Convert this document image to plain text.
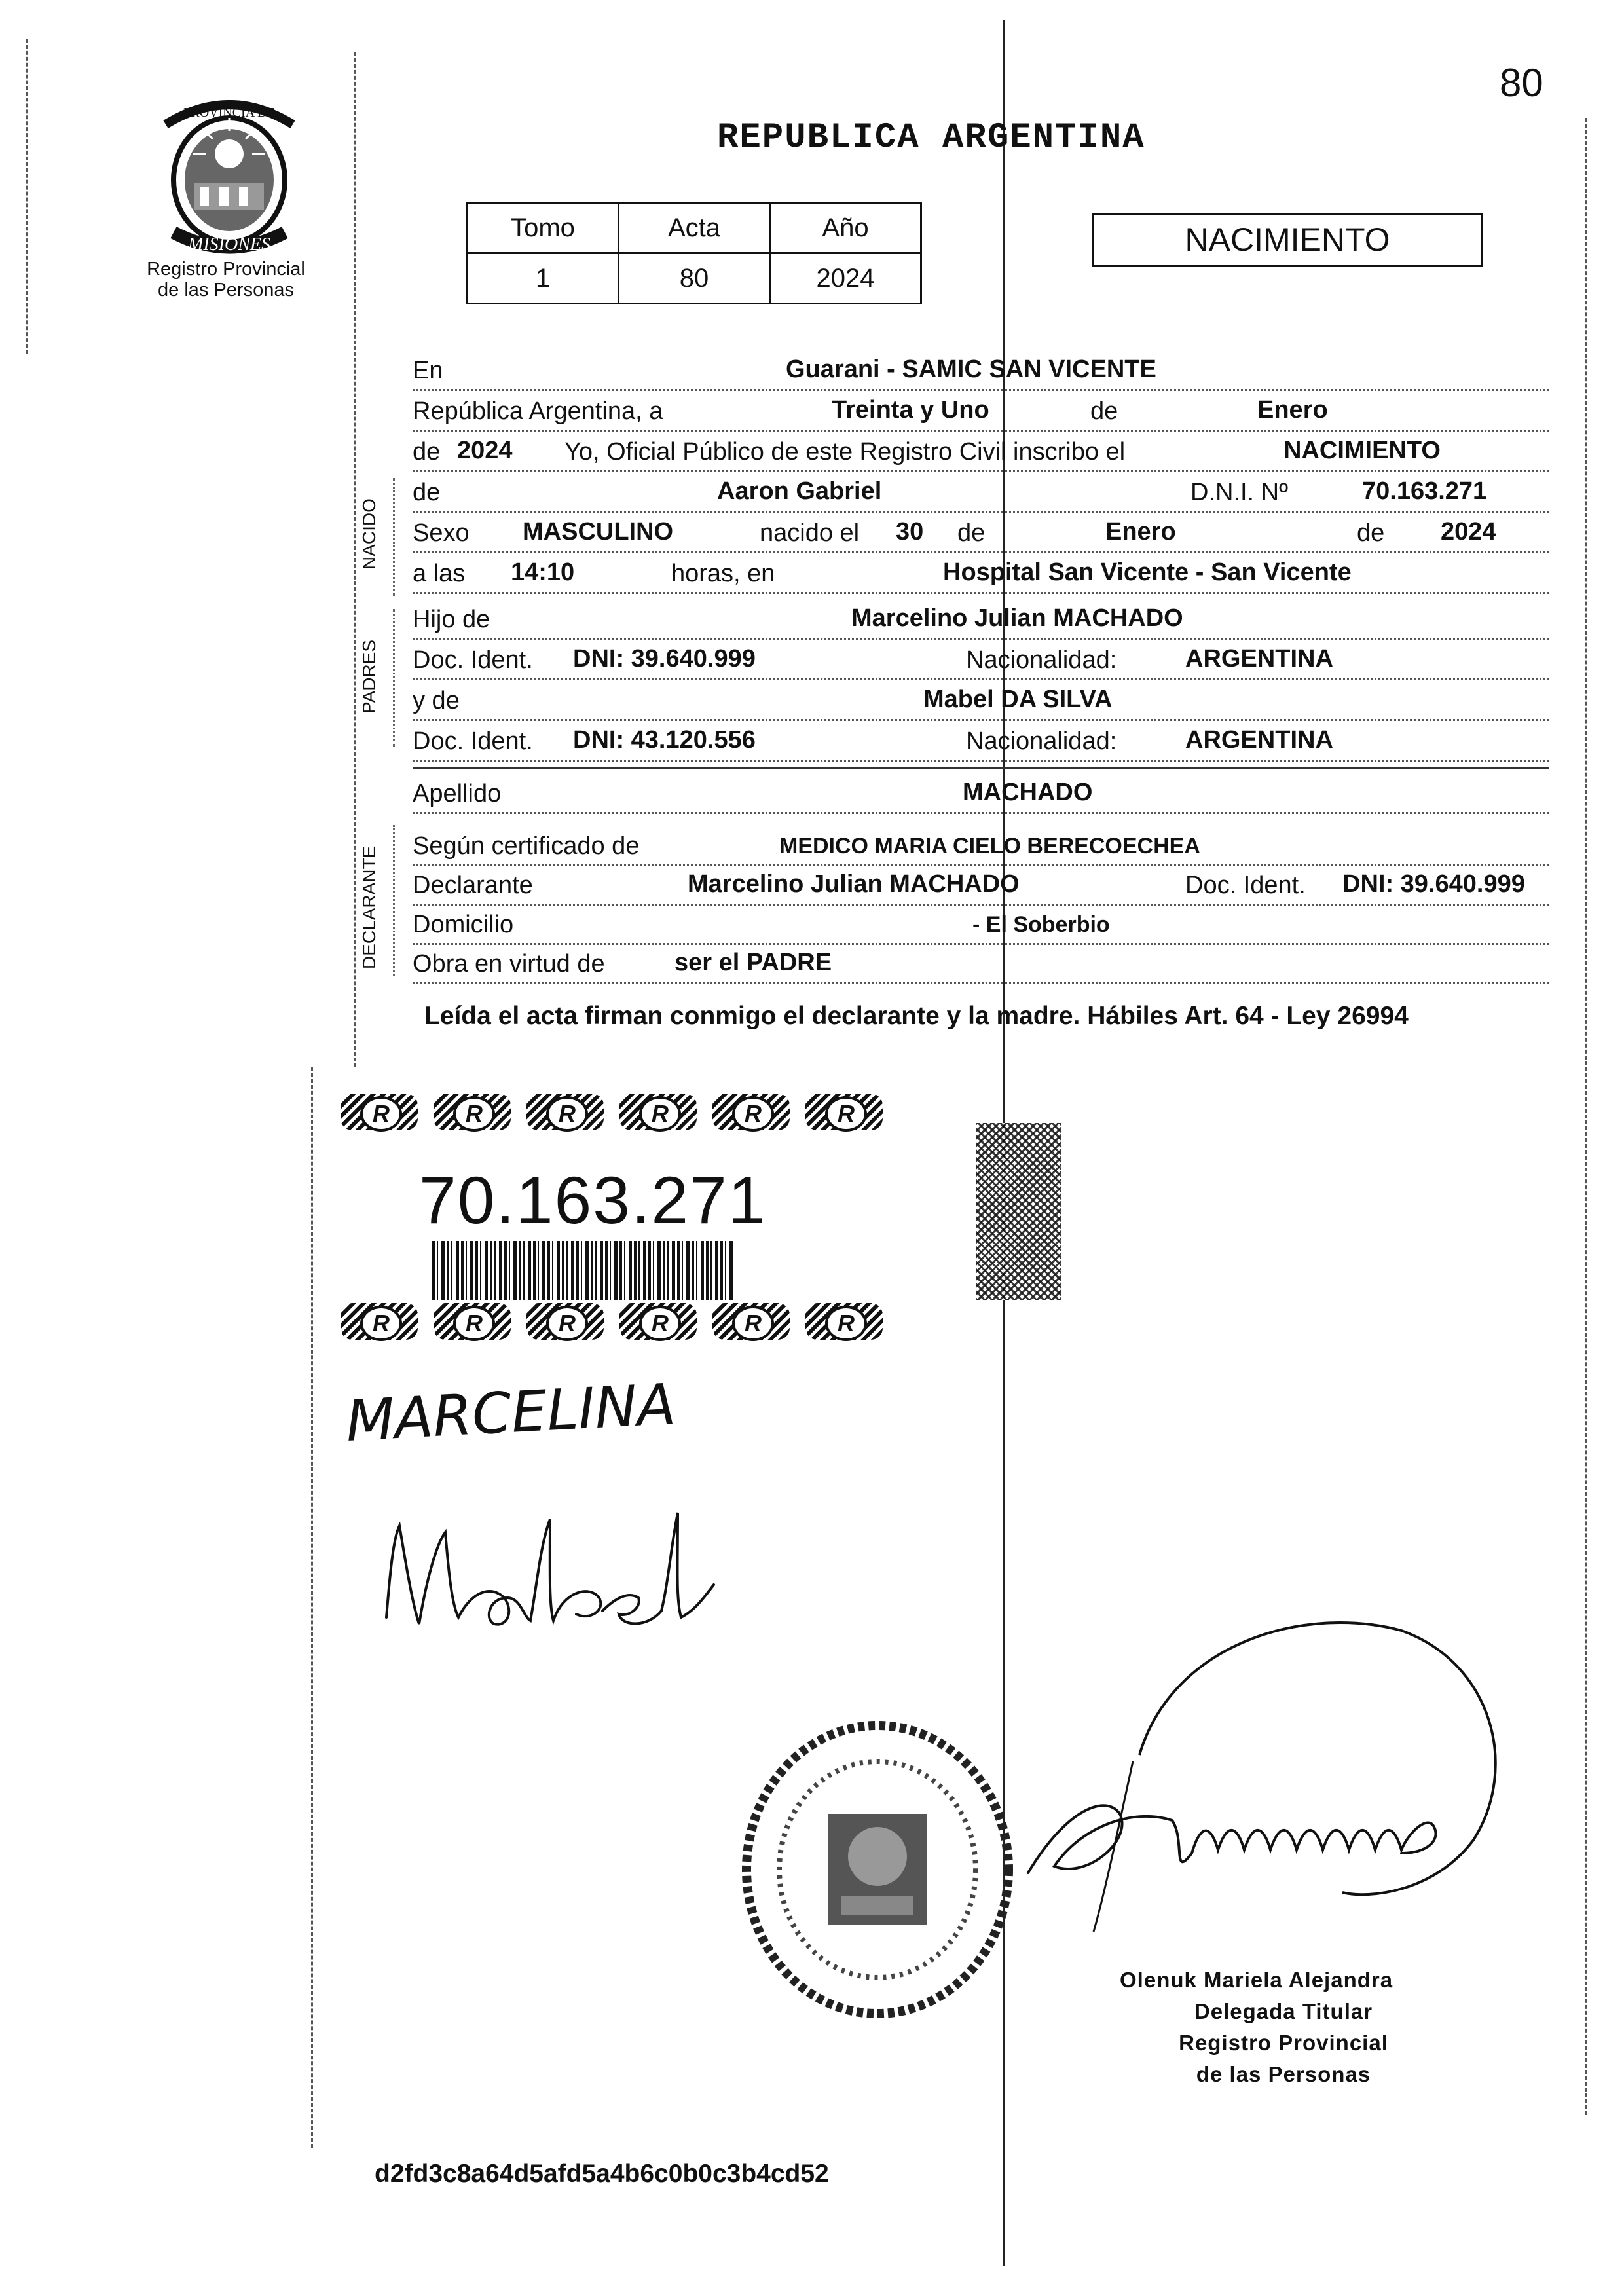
80
REPUBLICA ARGENTINA
PROVINCIA DE
MISIONES
Registro Provincial
de las Personas
Tomo	Acta	Año
1	80	2024
NACIMIENTO
En	Guarani - SAMIC SAN VICENTE
República Argentina, a	Treinta y Uno	de	Enero
de 2024 Yo, Oficial Público de este Registro Civil inscribo el	NACIMIENTO
NACIDO
de	Aaron Gabriel	D.N.I. Nº	70.163.271
Sexo MASCULINO	nacido el 30 de	Enero	de 2024
a las 14:10	horas, en	Hospital San Vicente - San Vicente
PADRES
Hijo de	Marcelino Julian MACHADO
Doc. Ident. DNI: 39.640.999	Nacionalidad:	ARGENTINA
y de	Mabel DA SILVA
Doc. Ident. DNI: 43.120.556	Nacionalidad:	ARGENTINA
Apellido	MACHADO
DECLARANTE Según certificado de	MEDICO MARIA CIELO BERECOECHEA
Declarante	Marcelino Julian MACHADO	Doc. Ident. DNI: 39.640.999
Domicilio	- El Soberbio
Obra en virtud de	ser el PADRE
Leída el acta firman conmigo el declarante y la madre. Hábiles Art. 64 - Ley 26994
R	R	R	R	R	R
70.163.271
R	R	R	R	R	R
MARCELINA
Olenuk Mariela Alejandra
Delegada Titular
Registro Provincial
de las Personas
d2fd3c8a64d5afd5a4b6c0b0c3b4cd52
